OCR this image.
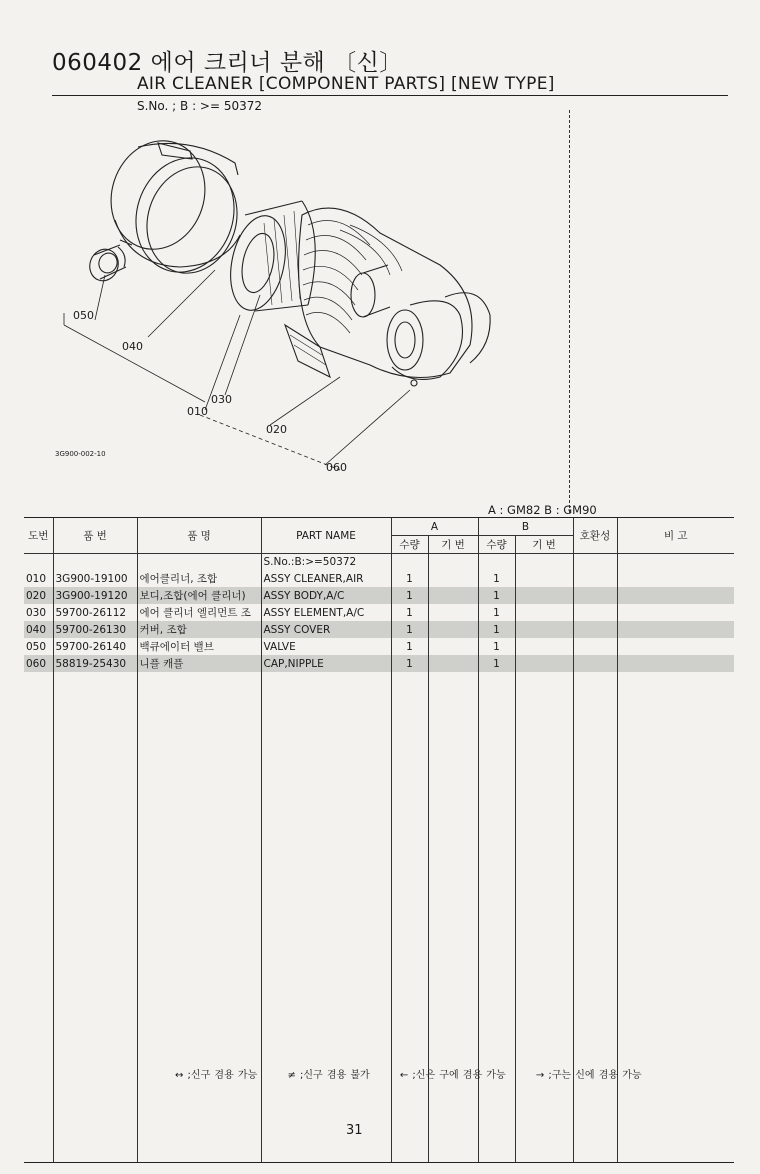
060402 에어 크리너 분해 〔신〕
AIR CLEANER [COMPONENT PARTS] [NEW TYPE]
S.No. ; B : >= 50372
050
040
030
010
020
060
3G900-002-10
A : GM82 B : GM90
도번	품 번	품 명	PART NAME	A		B		호환성	비 고
				수량	기 번	수량	기 번		
			S.No.:B:>=50372						
010	3G900-19100	에어클리너, 조합	ASSY CLEANER,AIR	1		1			
020	3G900-19120	보디,조합(에어 클리너)	ASSY BODY,A/C	1		1			
030	59700-26112	에어 클리너 엘리먼트 조	ASSY ELEMENT,A/C	1		1			
040	59700-26130	커버, 조합	ASSY COVER	1		1			
050	59700-26140	백큐에이터 밸브	VALVE	1		1			
060	58819-25430	니플 캐플	CAP,NIPPLE	1		1			

↔ ;신구 겸용 가능	≠ ;신구 겸용 불가	← ;신은 구에 겸용 가능	→ ;구는 신에 겸용 가능
31
